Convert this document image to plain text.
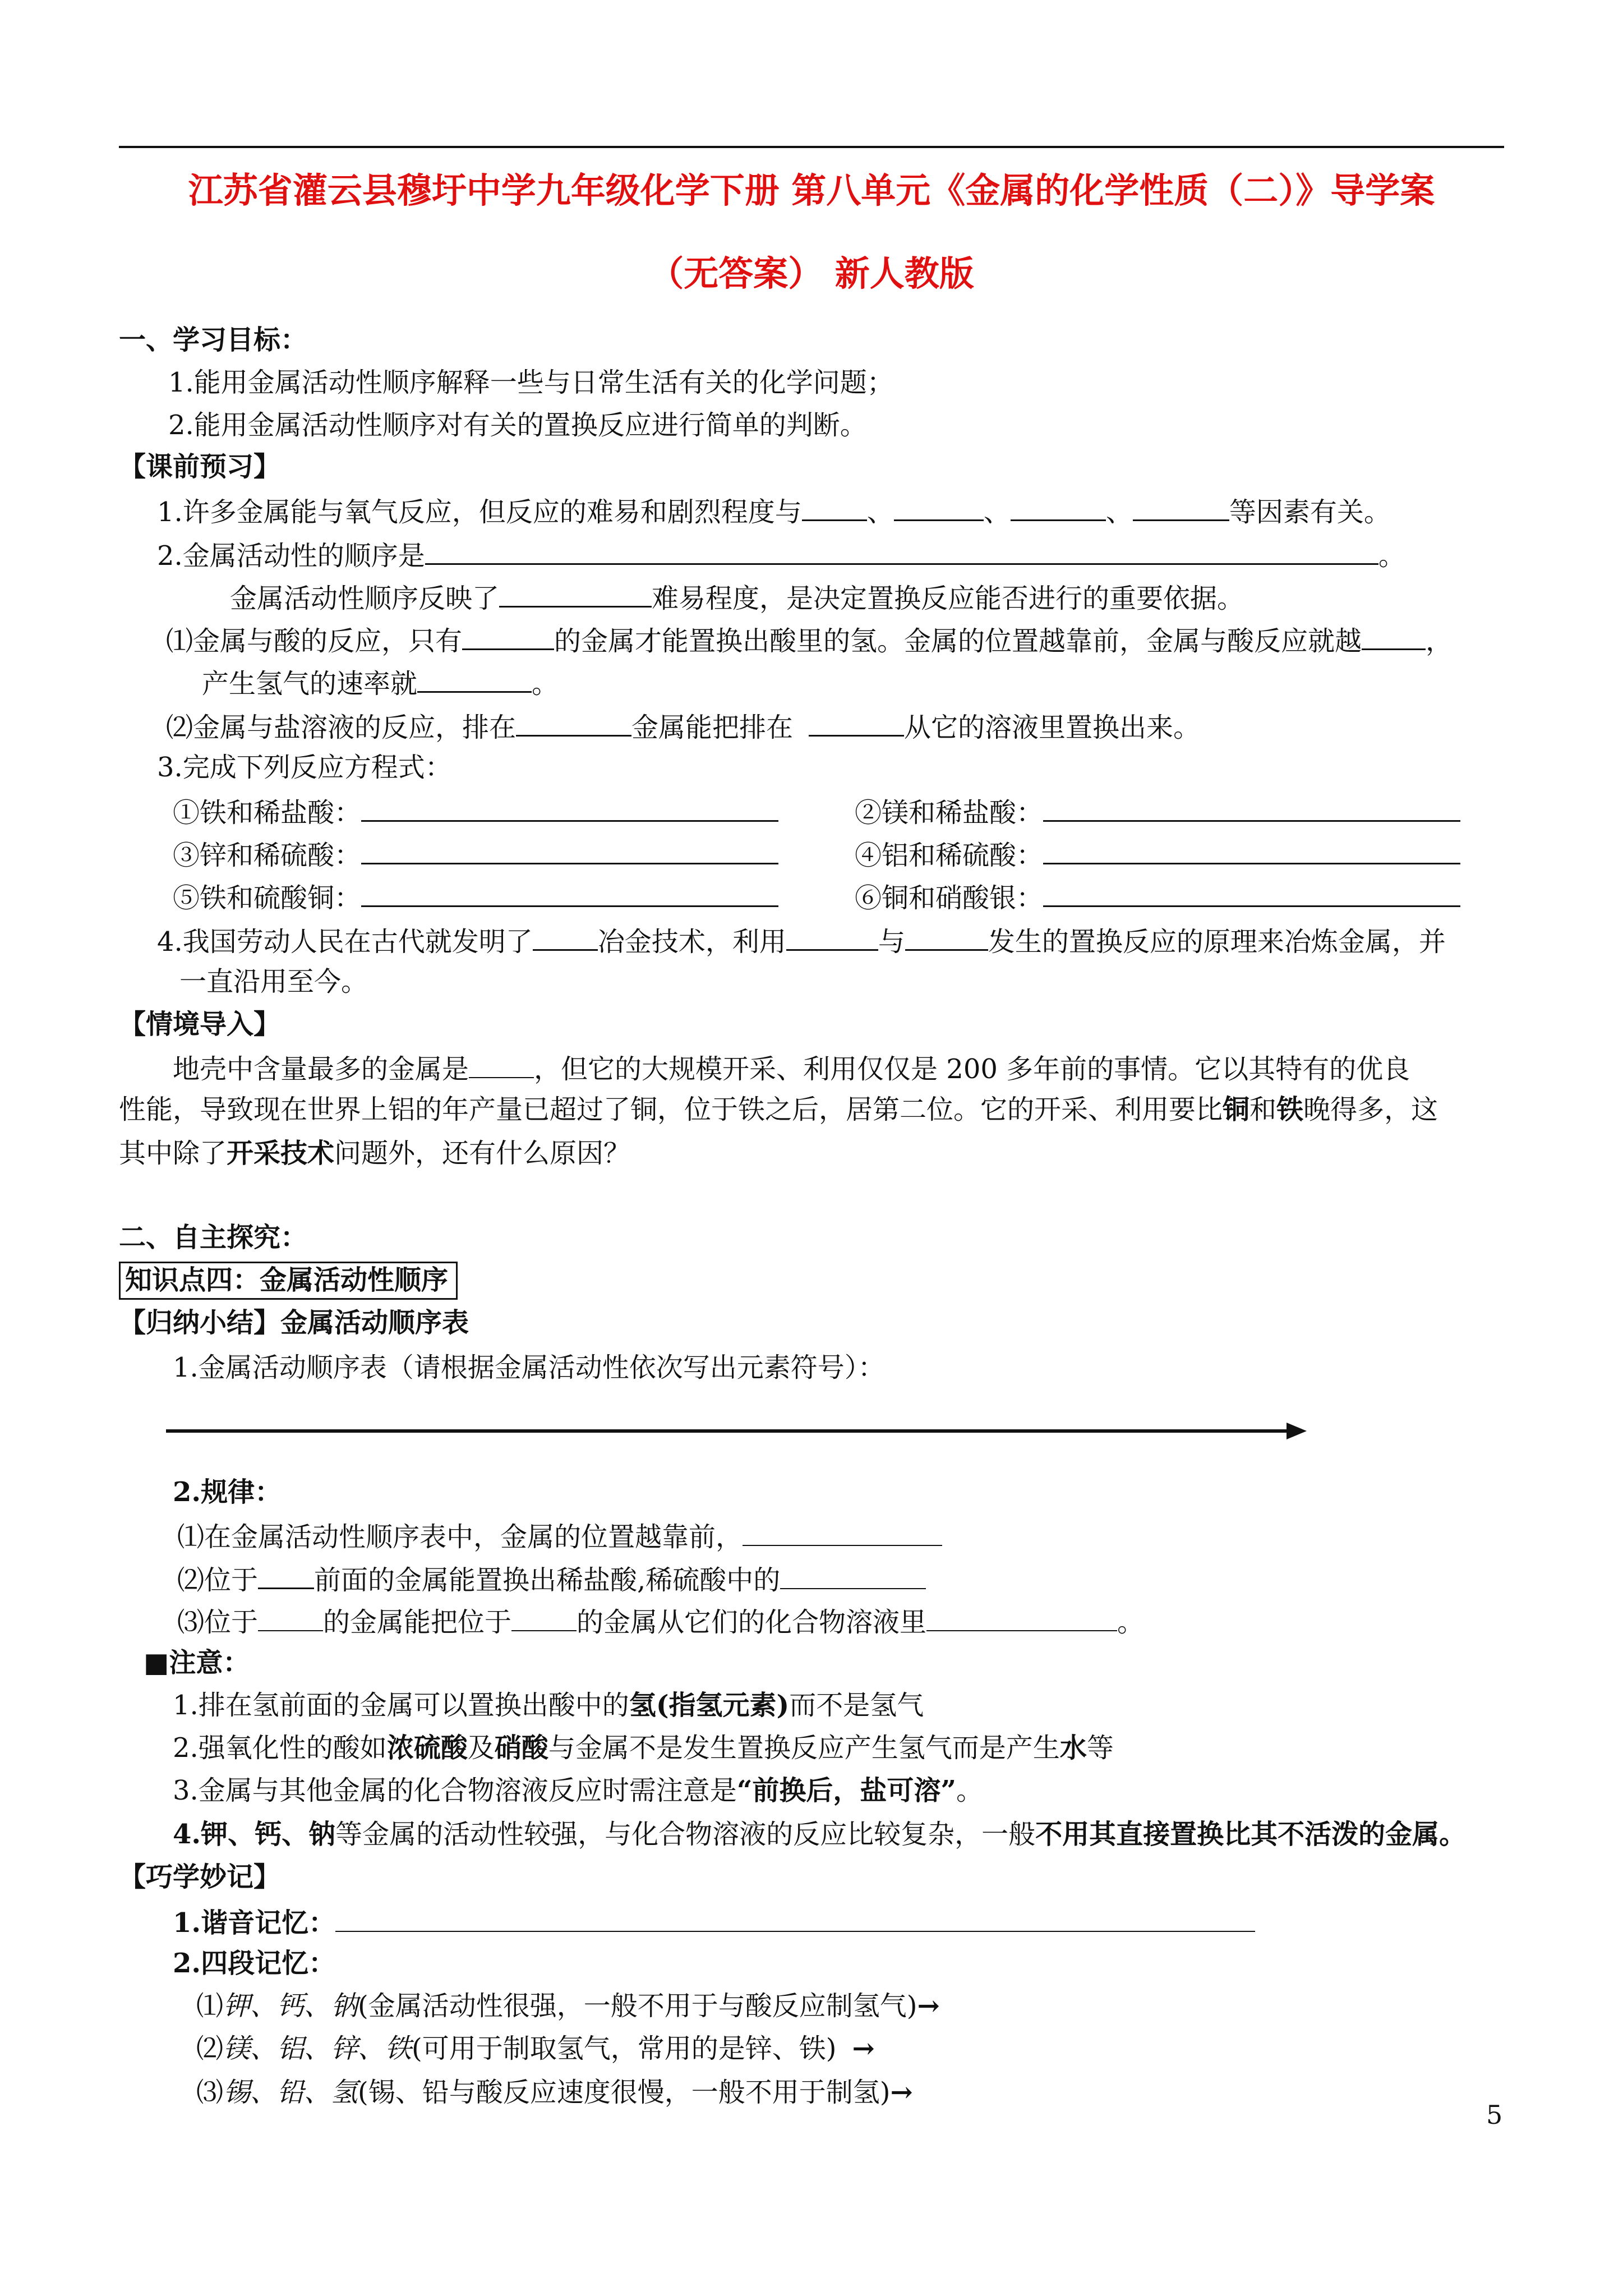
江苏省灌云县穆圩中学九年级化学下册 第八单元《金属的化学性质（二）》导学案
（无答案） 新人教版
一、学习目标：
1.能用金属活动性顺序解释一些与日常生活有关的化学问题；
2.能用金属活动性顺序对有关的置换反应进行简单的判断。
【课前预习】
1.许多金属能与氧气反应，但反应的难易和剧烈程度与 、	、	、	等因素有关。
2.金属活动性的顺序是	。
金属活动性顺序反映了	难易程度，是决定置换反应能否进行的重要依据。
⑴金属与酸的反应，只有	的金属才能置换出酸里的氢。金属的位置越靠前，金属与酸反应就越 ，
产生氢气的速率就	。
⑵金属与盐溶液的反应，排在	金属能把排在	从它的溶液里置换出来。
3.完成下列反应方程式：
①铁和稀盐酸：	②镁和稀盐酸：
③锌和稀硫酸：	④铝和稀硫酸：
⑤铁和硫酸铜：	⑥铜和硝酸银：
4.我国劳动人民在古代就发明了 冶金技术，利用	与	发生的置换反应的原理来冶炼金属，并
一直沿用至今。
【情境导入】
地壳中含量最多的金属是 ，但它的大规模开采、利用仅仅是 200 多年前的事情。它以其特有的优良
性能，导致现在世界上铝的年产量已超过了铜，位于铁之后，居第二位。它的开采、利用要比铜和铁晚得多，这
其中除了开采技术问题外，还有什么原因？
二、自主探究：
知识点四：金属活动性顺序
【归纳小结】金属活动顺序表
1.金属活动顺序表（请根据金属活动性依次写出元素符号）：
2.规律：
⑴在金属活动性顺序表中，金属的位置越靠前，
⑵位于 前面的金属能置换出稀盐酸,稀硫酸中的
⑶位于 的金属能把位于 的金属从它们的化合物溶液里	。
■注意：
1.排在氢前面的金属可以置换出酸中的氢(指氢元素)而不是氢气
2.强氧化性的酸如浓硫酸及硝酸与金属不是发生置换反应产生氢气而是产生水等
3.金属与其他金属的化合物溶液反应时需注意是“前换后，盐可溶”。
4.钾、钙、钠等金属的活动性较强，与化合物溶液的反应比较复杂，一般不用其直接置换比其不活泼的金属。
【巧学妙记】
1.谐音记忆：
2.四段记忆：
⑴钾、钙、钠(金属活动性很强，一般不用于与酸反应制氢气)→
⑵镁、铝、锌、铁(可用于制取氢气，常用的是锌、铁) →
⑶锡、铅、氢(锡、铅与酸反应速度很慢，一般不用于制氢)→
5
